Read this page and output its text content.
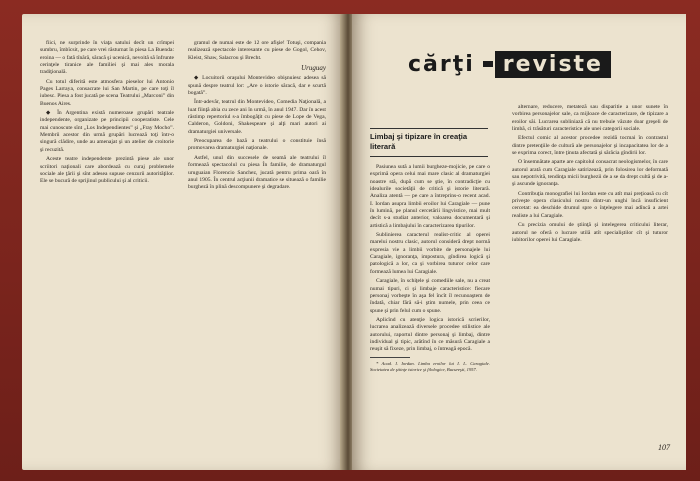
fiici, ne surprinde în viaţa satului decît un crîmpei sumbru, îmbîcsit, pe care vrei răsturnat în piesa La Buenda: eroina — o fată tînără, săracă şi ucenică, nevoită să înfrunte cerinţele tiranice ale familiei şi mai ales morala tradiţională.

Cu totul diferită este atmosfera pieselor lui Antonio Pages Larraya, consacrate lui San Martin, pe care toţi îl iubesc. Piesa a fost jucată pe scena Teatrului „Marconi” din Buenos Aires.

◆ În Argentina există numeroase grupări teatrale independente, organizate pe principii cooperatiste. Cele mai cunoscute sînt „Los Independientes” şi „Fray Mocho”. Membrii acestor din urmă grupări lucrează toţi într-o singură clădire, unde au amenajat şi un atelier de croitorie şi recuzită.

Aceste teatre independente prezintă piese ale unor scriitori naţionali care abordează cu curaj problemele sociale ale ţării şi sînt adesea supuse cenzurii autorităţilor. Ele se bucură de sprijinul publicului şi al criticii.

gramul de numai este de 12 ore afişie! Totuşi, compania realizează spectacole interesante cu piese de Gogol, Cehov, Kleist, Shaw, Salacrou şi Brecht.

Uruguay

◆ Locuitorii oraşului Montevideo obişnuiesc adesea să spună despre teatrul lor: „Are o istorie săracă, dar e scurtă bogată”.

Într-adevăr, teatrul din Montevideo, Comedia Naţională, a luat fiinţă abia cu zece ani în urmă, în anul 1947. Dar în acest răstimp repertoriul s-a îmbogăţit cu piese de Lope de Vega, Calderon, Goldoni, Shakespeare şi alţi mari autori ai dramaturgiei universale.

Preocuparea de bază a teatrului o constituie însă promovarea dramaturgiei naţionale.

Astfel, unul din succesele de seamă ale teatrului îl formează spectacolul cu piesa În familie, de dramaturgul uruguaian Florencio Sanchez, jucată pentru prima oară în anul 1905. În centrul acţiunii dramatice se situează o familie burgheză în plină descompunere şi degradare.

cărţi	reviste
Limbaj şi tipizare în creaţia literară

Pasiunea sută a lumii burgheze-mojicie, pe care o exprimă opera celui mai mare clasic al dramaturgiei noastre stă, după cum se ştie, în contradicţie cu idealurile societăţii de critică şi istorie literară. Analiza atentă — pe care a întreprins-o recent acad. I. Iordan asupra limbii eroilor lui Caragiale — pune în lumină, pe planul cercetării lingvistice, mai mult decît s-a studiat anterior, valoarea documentară şi artistică a limbajului în caracterizarea tipurilor.

Sublinierea caracterul realist-critic al operei marelui nostru clasic, autorul consideră drept normă expresia vie a limbii vorbite de personajele lui Caragiale, ignoranţa, impostura, gîndirea logică şi patologică a lor, ca şi vorbirea tuturor celor care formează lumea lui Caragiale.

Caragiale, în schiţele şi comediile sale, nu a creat numai tipuri, ci şi limbaje caracteristice: fiecare personaj vorbeşte în aşa fel încît îl recunoaştem de îndată, chiar fără să-i ştim numele, prin ceea ce spune şi prin felul cum o spune.

Aplicînd cu atenţie logica istorică scrierilor, lucrarea analizează diversele procedee stilistice ale autorului, raportul dintre personaj şi limbaj, dintre individual şi tipic, arătînd în ce măsură Caragiale a reuşit să fixeze, prin limbaj, o întreagă epocă.

* Acad. I. Iordan. Limba eroilor lui I. L. Caragiale. Societatea de ştiinţe istorice şi filologice, Bucureşti, 1957.

alternare, reducere, metateză sau disparitie a unor sunete în vorbirea personajelor sale, ca mijloace de caracterizare, de tipizare a eroilor săi. Lucrarea subliniază că nu trebuie văzute doar greşeli de limbă, ci trăsături caracteristice ale unei categorii sociale.

Efectul comic al acestor procedee rezidă tocmai în contrastul dintre pretenţiile de cultură ale personajelor şi incapacitatea lor de a se exprima corect, între ţinuta afectată şi sărăcia gîndirii lor.

O însemnătate aparte are capitolul consacrat neologismelor, în care autorul arată cum Caragiale satirizează, prin folosirea lor deformată sau nepotrivită, tendinţa micii burghezii de a se da drept cultă şi de a-şi ascunde ignoranţa.

Contribuţia monografiei lui Iordan este cu atît mai preţioasă cu cît priveşte opera clasicului nostru dintr-un unghi încă insuficient cercetat: ea deschide drumul spre o înţelegere mai adîncă a artei realiste a lui Caragiale.

Cu precizia omului de ştiinţă şi intelegerea criticului literar, autorul ne oferă o lucrare utilă atît specialiştilor cît şi tuturor iubitorilor operei lui Caragiale.

107
